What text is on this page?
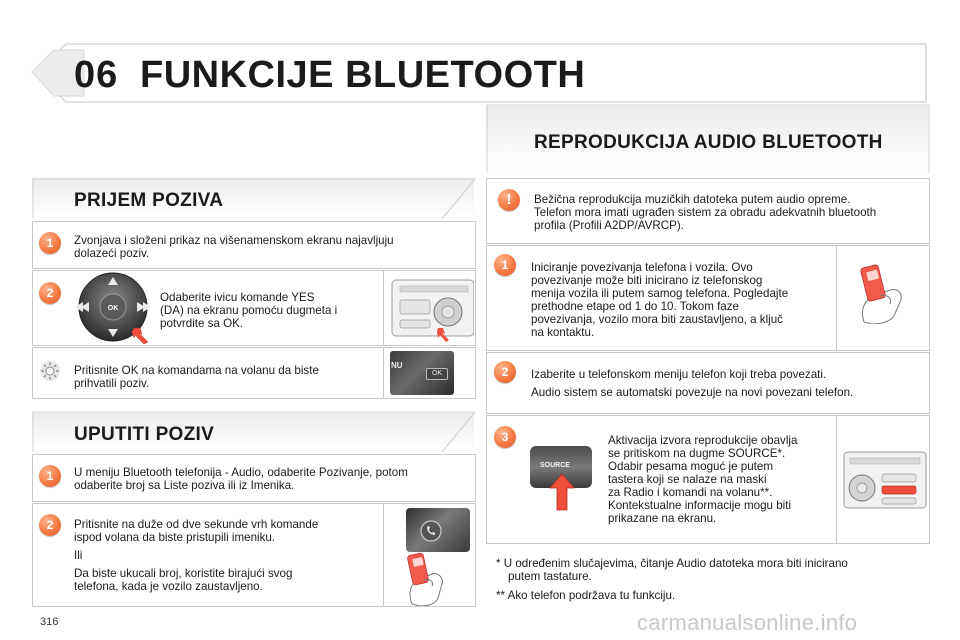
06 FUNKCIJE BLUETOOTH
PRIJEM POZIVA
1	Zvonjava i složeni prikaz na višenamenskom ekranu najavljuju
dolazeći poziv.
2
OK
Odaberite ivicu komande YES
(DA) na ekranu pomoću dugmeta i
potvrdite sa OK.
Pritisnite OK na komandama na volanu da biste
prihvatili poziv.
NU
OK
UPUTITI POZIV
1	U meniju Bluetooth telefonija - Audio, odaberite Pozivanje, potom
odaberite broj sa Liste poziva ili iz Imenika.
2	Pritisnite na duže od dve sekunde vrh komande
ispod volana da biste pristupili imeniku.
Ili
Da biste ukucali broj, koristite birajući svog
telefona, kada je vozilo zaustavljeno.
REPRODUKCIJA AUDIO BLUETOOTH
!	Bežična reprodukcija muzičkih datoteka putem audio opreme.
Telefon mora imati ugrađen sistem za obradu adekvatnih bluetooth
profila (Profili A2DP/AVRCP).
1	Iniciranje povezivanja telefona i vozila. Ovo
povezivanje može biti inicirano iz telefonskog
menija vozila ili putem samog telefona. Pogledajte
prethodne etape od 1 do 10. Tokom faze
povezivanja, vozilo mora biti zaustavljeno, a ključ
na kontaktu.
2	Izaberite u telefonskom meniju telefon koji treba povezati.
Audio sistem se automatski povezuje na novi povezani telefon.
3
SOURCE
Aktivacija izvora reprodukcije obavlja
se pritiskom na dugme SOURCE*.
Odabir pesama moguć je putem
tastera koji se nalaze na maski
za Radio i komandi na volanu**.
Kontekstualne informacije mogu biti
prikazane na ekranu.
* U određenim slučajevima, čitanje Audio datoteka mora biti inicirano
putem tastature.
** Ako telefon podržava tu funkciju.
316	carmanualsonline.info
